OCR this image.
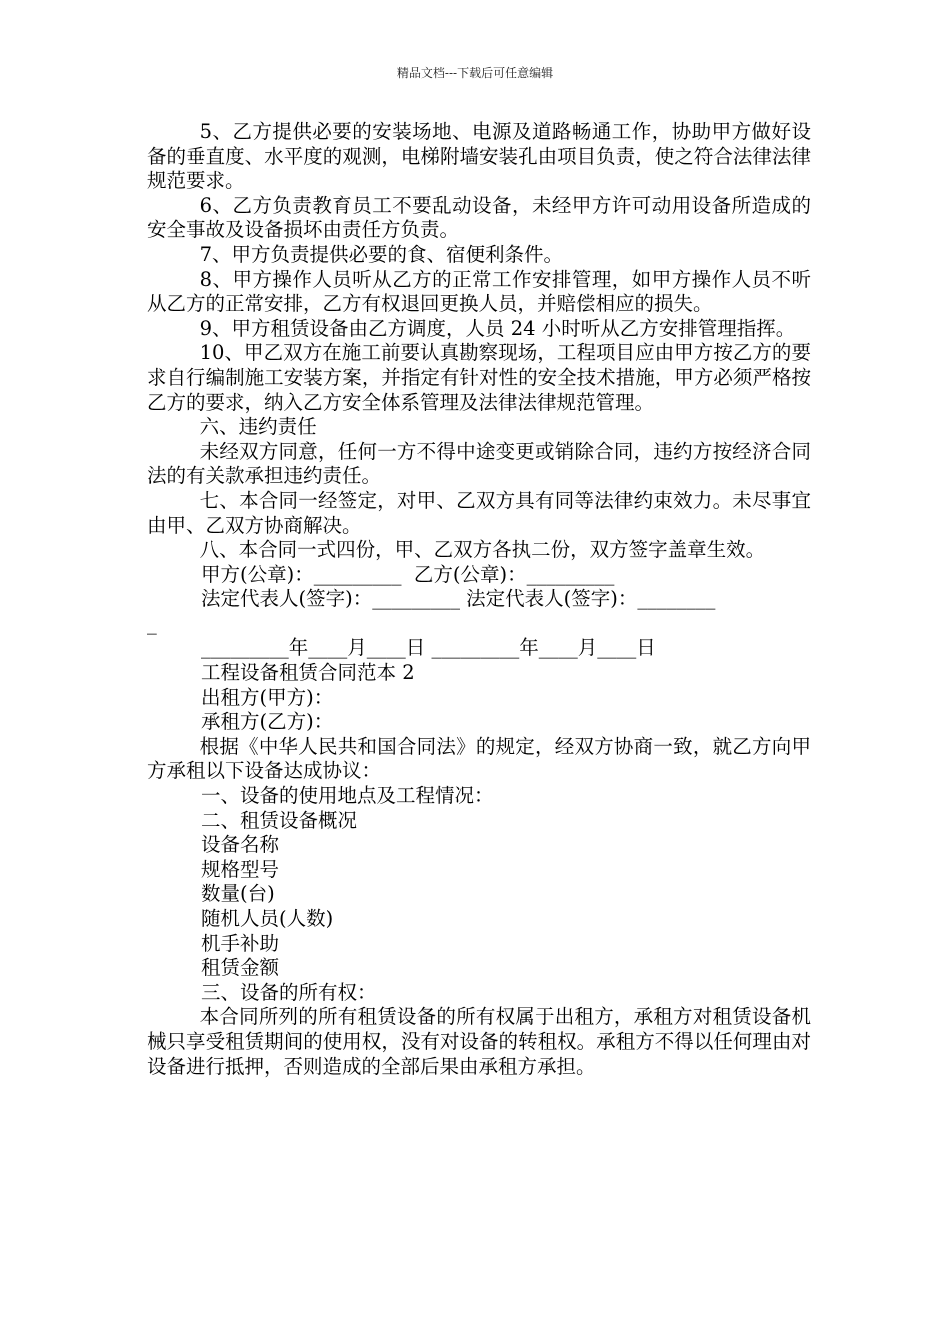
精品文档---下载后可任意编辑

5、乙方提供必要的安装场地、电源及道路畅通工作，协助甲方做好设备的垂直度、水平度的观测，电梯附墙安装孔由项目负责，使之符合法律法律规范要求。

6、乙方负责教育员工不要乱动设备，未经甲方许可动用设备所造成的安全事故及设备损坏由责任方负责。

7、甲方负责提供必要的食、宿便利条件。

8、甲方操作人员听从乙方的正常工作安排管理，如甲方操作人员不听从乙方的正常安排，乙方有权退回更换人员，并赔偿相应的损失。

9、甲方租赁设备由乙方调度，人员 24 小时听从乙方安排管理指挥。

10、甲乙双方在施工前要认真勘察现场，工程项目应由甲方按乙方的要求自行编制施工安装方案，并指定有针对性的安全技术措施，甲方必须严格按乙方的要求，纳入乙方安全体系管理及法律法律规范管理。

六、违约责任

未经双方同意，任何一方不得中途变更或销除合同，违约方按经济合同法的有关款承担违约责任。

七、本合同一经签定，对甲、乙双方具有同等法律约束效力。未尽事宜由甲、乙双方协商解决。

八、本合同一式四份，甲、乙双方各执二份，双方签字盖章生效。

甲方(公章)：_________  乙方(公章)：_________

法定代表人(签字)：_________ 法定代表人(签字)：________

_

_________年____月____日 _________年____月____日

工程设备租赁合同范本 2

出租方(甲方)：

承租方(乙方)：

根据《中华人民共和国合同法》的规定，经双方协商一致，就乙方向甲方承租以下设备达成协议：

一、设备的使用地点及工程情况：

二、租赁设备概况

设备名称

规格型号

数量(台)

随机人员(人数)

机手补助

租赁金额

三、设备的所有权：

本合同所列的所有租赁设备的所有权属于出租方，承租方对租赁设备机械只享受租赁期间的使用权，没有对设备的转租权。承租方不得以任何理由对设备进行抵押，否则造成的全部后果由承租方承担。
